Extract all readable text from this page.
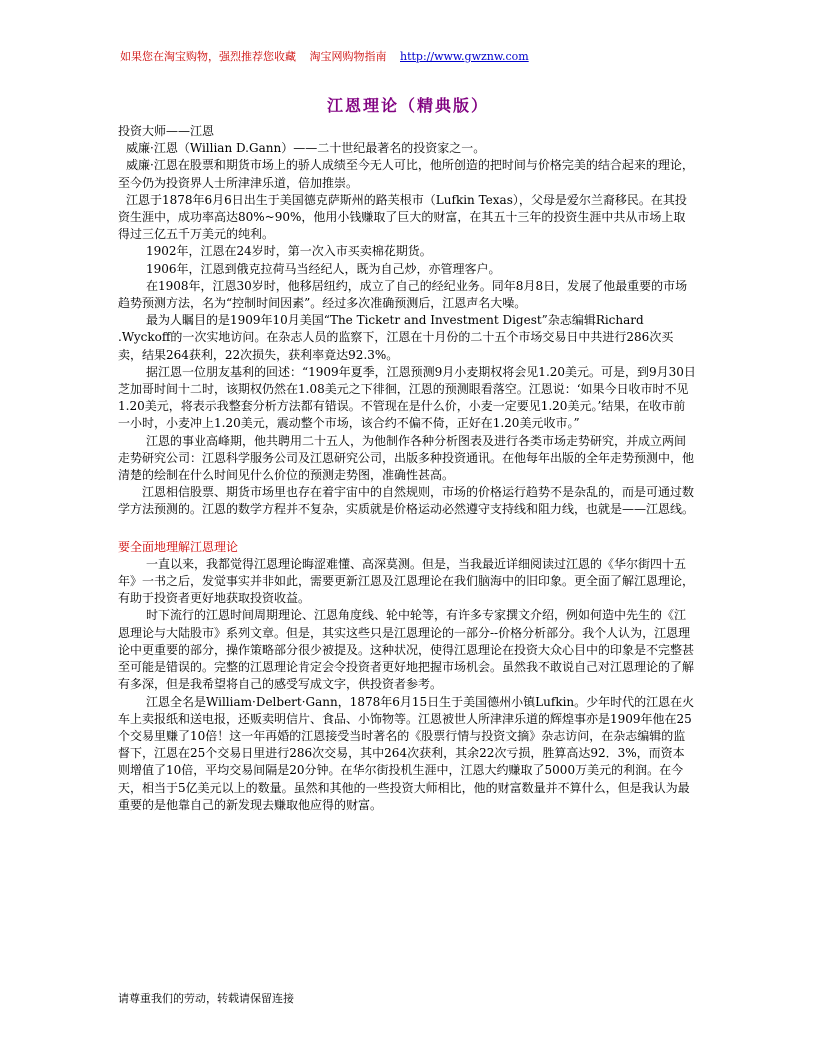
如果您在淘宝购物，强烈推荐您收藏 淘宝网购物指南 http://www.gwznw.com
江恩理论（精典版）

投资大师——江恩

威廉·江恩（Willian D.Gann）——二十世纪最著名的投资家之一。

威廉·江恩在股票和期货市场上的骄人成绩至今无人可比，他所创造的把时间与价格完美的结合起来的理论，至今仍为投资界人士所津津乐道，倍加推崇。

江恩于1878年6月6日出生于美国德克萨斯州的路芙根市（Lufkin Texas），父母是爱尔兰裔移民。在其投资生涯中，成功率高达80%~90%，他用小钱赚取了巨大的财富，在其五十三年的投资生涯中共从市场上取得过三亿五千万美元的纯利。

1902年，江恩在24岁时，第一次入市买卖棉花期货。

1906年，江恩到俄克拉荷马当经纪人，既为自己炒，亦管理客户。

在1908年，江恩30岁时，他移居纽约，成立了自己的经纪业务。同年8月8日，发展了他最重要的市场趋势预测方法，名为“控制时间因素”。经过多次准确预测后，江恩声名大噪。

最为人瞩目的是1909年10月美国“The Ticketr and Investment Digest”杂志编辑Richard .Wyckoff的一次实地访问。在杂志人员的监察下，江恩在十月份的二十五个市场交易日中共进行286次买卖，结果264获利，22次损失，获利率竟达92.3%。

据江恩一位朋友基利的回述：“1909年夏季，江恩预测9月小麦期权将会见1.20美元。可是，到9月30日芝加哥时间十二时，该期权仍然在1.08美元之下徘徊，江恩的预测眼看落空。江恩说：‘如果今日收市时不见1.20美元，将表示我整套分析方法都有错误。不管现在是什么价，小麦一定要见1.20美元。’结果，在收市前一小时，小麦冲上1.20美元，震动整个市场，该合约不偏不倚，正好在1.20美元收市。”

江恩的事业高峰期，他共聘用二十五人，为他制作各种分析图表及进行各类市场走势研究，并成立两间走势研究公司：江恩科学服务公司及江恩研究公司，出版多种投资通讯。在他每年出版的全年走势预测中，他清楚的绘制在什么时间见什么价位的预测走势图，准确性甚高。

江恩相信股票、期货市场里也存在着宇宙中的自然规则，市场的价格运行趋势不是杂乱的，而是可通过数学方法预测的。江恩的数学方程并不复杂，实质就是价格运动必然遵守支持线和阻力线，也就是——江恩线。

要全面地理解江恩理论

一直以来，我都觉得江恩理论晦涩难懂、高深莫测。但是，当我最近详细阅读过江恩的《华尔街四十五年》一书之后，发觉事实并非如此，需要更新江恩及江恩理论在我们脑海中的旧印象。更全面了解江恩理论，有助于投资者更好地获取投资收益。

时下流行的江恩时间周期理论、江恩角度线、轮中轮等，有许多专家撰文介绍，例如何造中先生的《江恩理论与大陆股市》系列文章。但是，其实这些只是江恩理论的一部分--价格分析部分。我个人认为，江恩理论中更重要的部分，操作策略部分很少被提及。这种状况，使得江恩理论在投资大众心目中的印象是不完整甚至可能是错误的。完整的江恩理论肯定会令投资者更好地把握市场机会。虽然我不敢说自己对江恩理论的了解有多深，但是我希望将自己的感受写成文字，供投资者参考。

江恩全名是William·Delbert·Gann，1878年6月15日生于美国德州小镇Lufkin。少年时代的江恩在火车上卖报纸和送电报，还贩卖明信片、食品、小饰物等。江恩被世人所津津乐道的辉煌事亦是1909年他在25个交易里赚了10倍！这一年再婚的江恩接受当时著名的《股票行情与投资文摘》杂志访问，在杂志编辑的监督下，江恩在25个交易日里进行286次交易，其中264次获利，其余22次亏损，胜算高达92．3%，而资本则增值了10倍，平均交易间隔是20分钟。在华尔街投机生涯中，江恩大约赚取了5000万美元的利润。在今天，相当于5亿美元以上的数量。虽然和其他的一些投资大师相比，他的财富数量并不算什么，但是我认为最重要的是他靠自己的新发现去赚取他应得的财富。

请尊重我们的劳动，转载请保留连接
